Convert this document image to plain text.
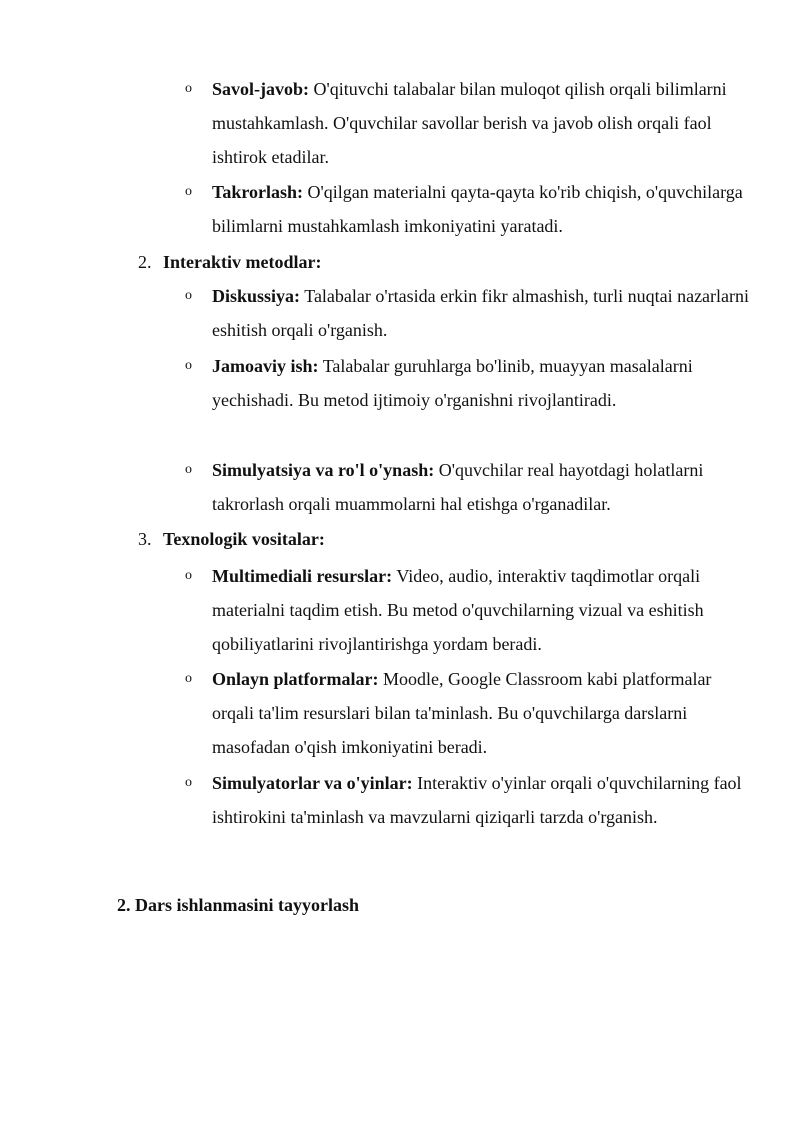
o Savol-javob: O'qituvchi talabalar bilan muloqot qilish orqali bilimlarni mustahkamlash. O'quvchilar savollar berish va javob olish orqali faol ishtirok etadilar.
o Takrorlash: O'qilgan materialni qayta-qayta ko'rib chiqish, o'quvchilarga bilimlarni mustahkamlash imkoniyatini yaratadi.
2. Interaktiv metodlar:
o Diskussiya: Talabalar o'rtasida erkin fikr almashish, turli nuqtai nazarlarni eshitish orqali o'rganish.
o Jamoaviy ish: Talabalar guruhlarga bo'linib, muayyan masalalarni yechishadi. Bu metod ijtimoiy o'rganishni rivojlantiradi.
o Simulyatsiya va ro'l o'ynash: O'quvchilar real hayotdagi holatlarni takrorlash orqali muammolarni hal etishga o'rganadilar.
3. Texnologik vositalar:
o Multimediali resurslar: Video, audio, interaktiv taqdimotlar orqali materialni taqdim etish. Bu metod o'quvchilarning vizual va eshitish qobiliyatlarini rivojlantirishga yordam beradi.
o Onlayn platformalar: Moodle, Google Classroom kabi platformalar orqali ta'lim resurslari bilan ta'minlash. Bu o'quvchilarga darslarni masofadan o'qish imkoniyatini beradi.
o Simulyatorlar va o'yinlar: Interaktiv o'yinlar orqali o'quvchilarning faol ishtirokini ta'minlash va mavzularni qiziqarli tarzda o'rganish.
2. Dars ishlanmasini tayyorlash
